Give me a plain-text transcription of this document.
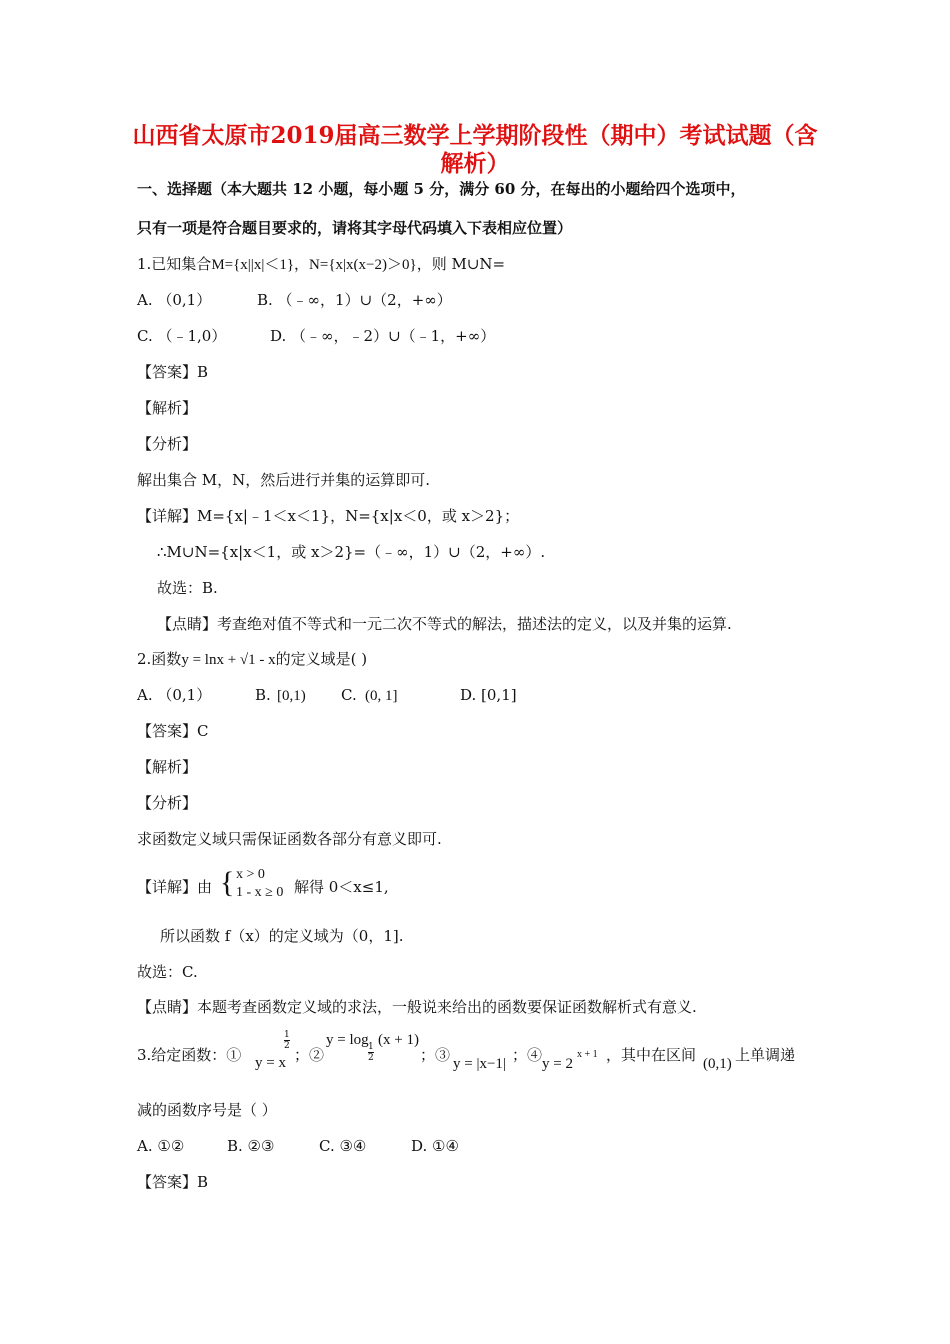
山西省太原市2019届高三数学上学期阶段性（期中）考试试题（含
解析）
一、选择题（本大题共 12 小题，每小题 5 分，满分 60 分，在每出的小题给四个选项中，
只有一项是符合题目要求的，请将其字母代码填入下表相应位置）
1.已知集合M={x||x|＜1}，N={x|x(x−2)＞0}，则 M∪N=
A. （0,1）	B. （﹣∞，1）∪（2，+∞）
C. （﹣1,0）	D. （﹣∞，﹣2）∪（﹣1，+∞）
【答案】B
【解析】
【分析】
解出集合 M，N，然后进行并集的运算即可.
【详解】M={x|﹣1＜x＜1}，N={x|x＜0，或 x＞2}；
∴M∪N={x|x＜1，或 x＞2}=（﹣∞，1）∪（2，+∞）.
故选：B.
【点睛】考查绝对值不等式和一元二次不等式的解法，描述法的定义，以及并集的运算.
2.函数y = lnx + √1 - x的定义域是( )
A. （0,1）	B. [0,1) C. (0, 1]	D. [0,1]
【答案】C
【解析】
【分析】
求函数定义域只需保证函数各部分有意义即可.
【详解】由 { x > 0
1 - x ≥ 0 解得 0＜x≤1,
所以函数 f（x）的定义域为（0，1].
故选：C.
【点睛】本题考查函数定义域的求法，一般说来给出的函数要保证函数解析式有意义.
3.给定函数：① y = x
$\frac{1}{2}$
；②
y = log
$\frac{1}{2}$
(x + 1)
；③ y = |x−1| ；④ y = 2
x + 1 ，其中在区间 (0,1) 上单调递
减的函数序号是（ ）
A. ①②	B. ②③	C. ③④	D. ①④
【答案】B
